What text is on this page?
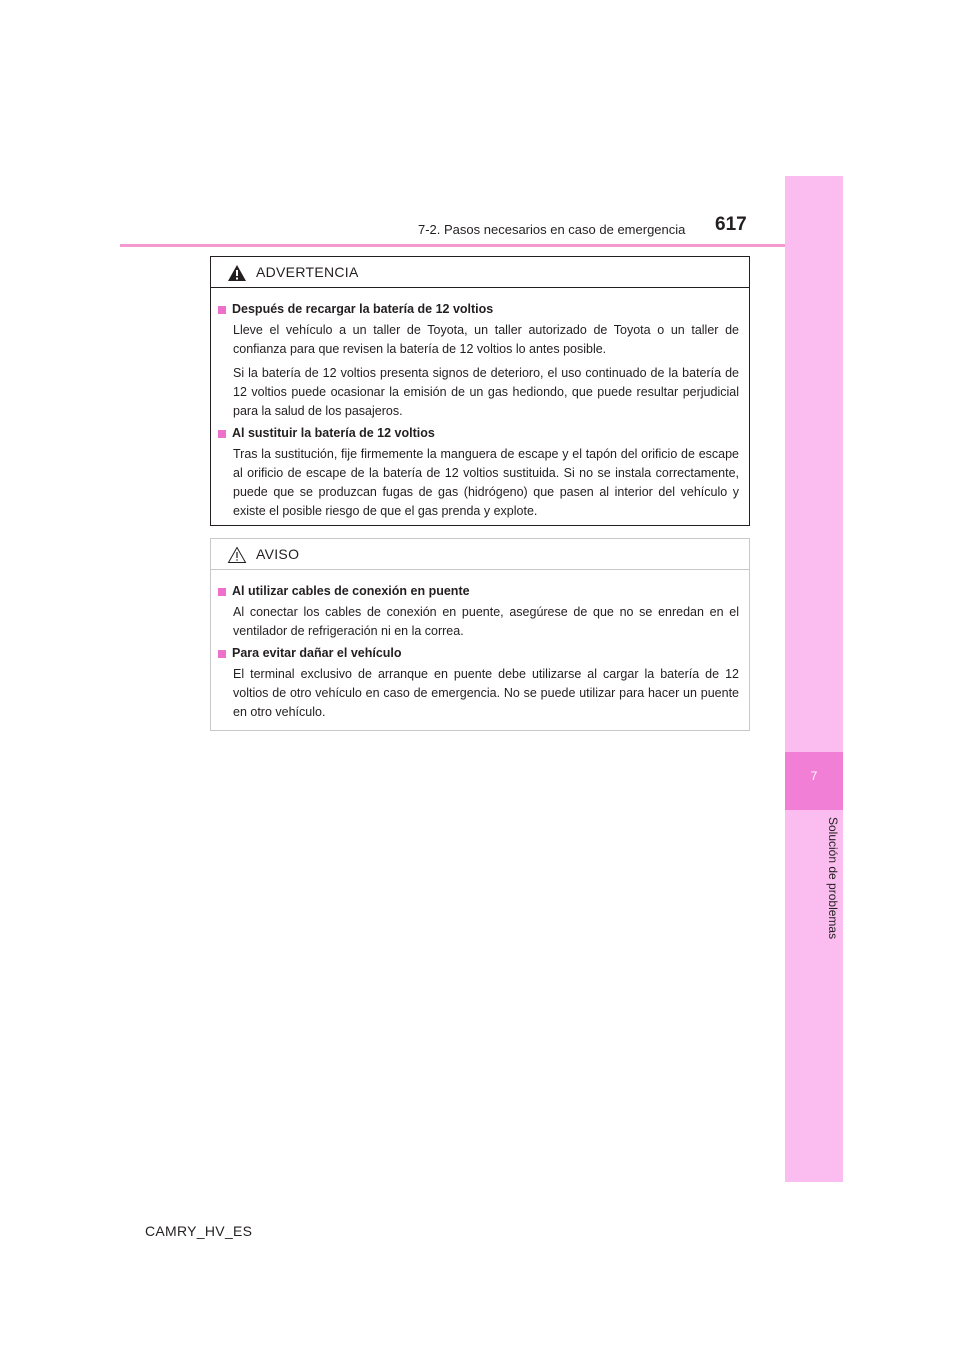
7-2. Pasos necesarios en caso de emergencia 617
7
Solución de problemas
ADVERTENCIA
Después de recargar la batería de 12 voltios

Lleve el vehículo a un taller de Toyota, un taller autorizado de Toyota o un taller de confianza para que revisen la batería de 12 voltios lo antes posible.

Si la batería de 12 voltios presenta signos de deterioro, el uso continuado de la batería de 12 voltios puede ocasionar la emisión de un gas hediondo, que puede resultar perjudicial para la salud de los pasajeros.

Al sustituir la batería de 12 voltios

Tras la sustitución, fije firmemente la manguera de escape y el tapón del orificio de escape al orificio de escape de la batería de 12 voltios sustituida. Si no se instala correctamente, puede que se produzcan fugas de gas (hidrógeno) que pasen al interior del vehículo y existe el posible riesgo de que el gas prenda y explote.

AVISO
Al utilizar cables de conexión en puente

Al conectar los cables de conexión en puente, asegúrese de que no se enredan en el ventilador de refrigeración ni en la correa.

Para evitar dañar el vehículo

El terminal exclusivo de arranque en puente debe utilizarse al cargar la batería de 12 voltios de otro vehículo en caso de emergencia. No se puede utilizar para hacer un puente en otro vehículo.

CAMRY_HV_ES
